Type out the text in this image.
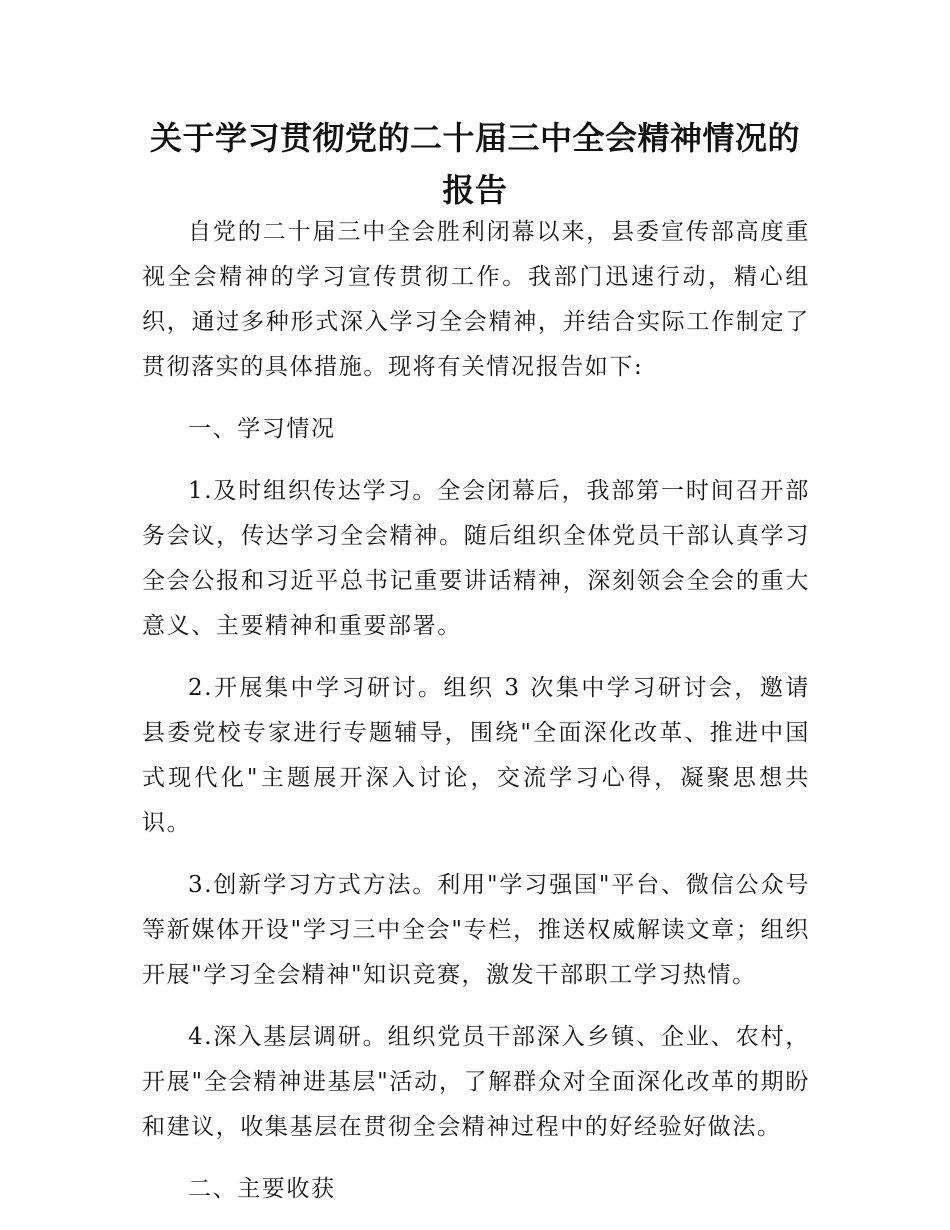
关于学习贯彻党的二十届三中全会精神情况的报告

自党的二十届三中全会胜利闭幕以来，县委宣传部高度重视全会精神的学习宣传贯彻工作。我部门迅速行动，精心组织，通过多种形式深入学习全会精神，并结合实际工作制定了贯彻落实的具体措施。现将有关情况报告如下:

一、学习情况

1.及时组织传达学习。全会闭幕后，我部第一时间召开部务会议，传达学习全会精神。随后组织全体党员干部认真学习全会公报和习近平总书记重要讲话精神，深刻领会全会的重大意义、主要精神和重要部署。

2.开展集中学习研讨。组织 3 次集中学习研讨会，邀请县委党校专家进行专题辅导，围绕"全面深化改革、推进中国式现代化"主题展开深入讨论，交流学习心得，凝聚思想共识。

3.创新学习方式方法。利用"学习强国"平台、微信公众号等新媒体开设"学习三中全会"专栏，推送权威解读文章；组织开展"学习全会精神"知识竞赛，激发干部职工学习热情。

4.深入基层调研。组织党员干部深入乡镇、企业、农村，开展"全会精神进基层"活动，了解群众对全面深化改革的期盼和建议，收集基层在贯彻全会精神过程中的好经验好做法。

二、主要收获
